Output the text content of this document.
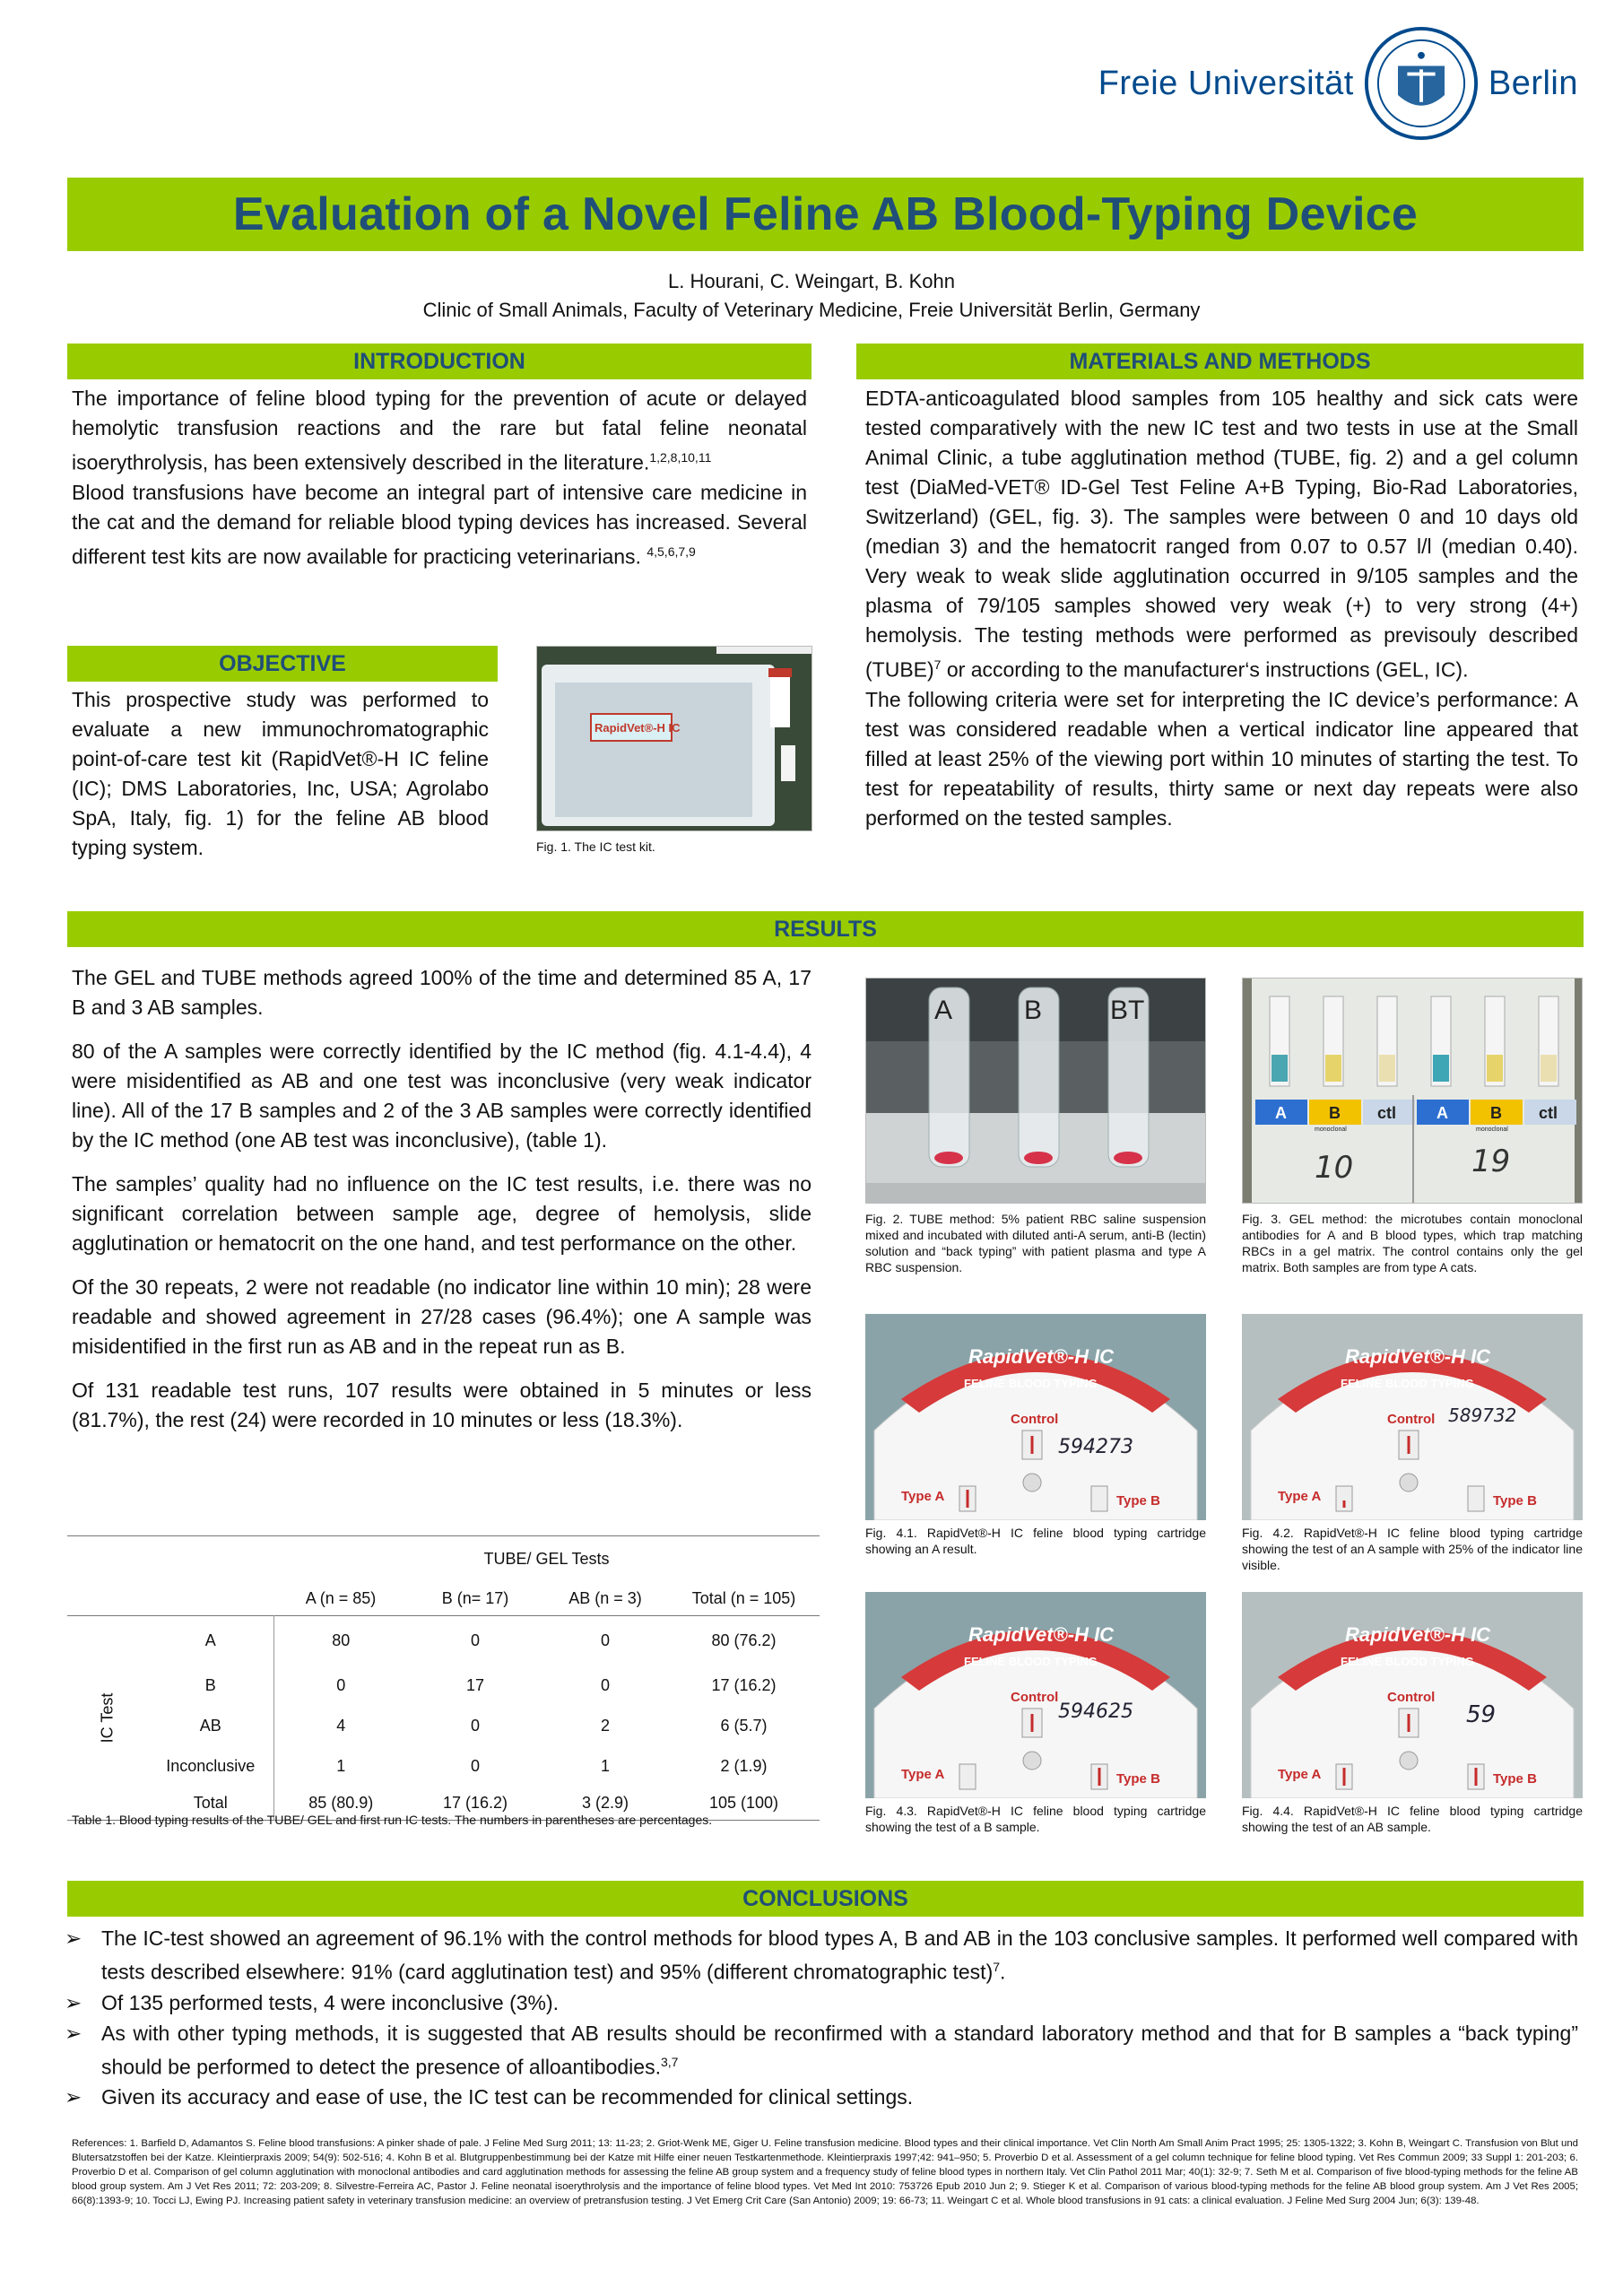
Freie Universität	Berlin
Evaluation of a Novel Feline AB Blood-Typing Device
L. Hourani, C. Weingart, B. Kohn
Clinic of Small Animals, Faculty of Veterinary Medicine, Freie Universität Berlin, Germany
INTRODUCTION

The importance of feline blood typing for the prevention of acute or delayed hemolytic transfusion reactions and the rare but fatal feline neonatal isoerythrolysis, has been extensively described in the literature.$^{1,2,8,10,11}$

Blood transfusions have become an integral part of intensive care medicine in the cat and the demand for reliable blood typing devices has increased. Several different test kits are now available for practicing veterinarians. $^{4,5,6,7,9}$

OBJECTIVE
This prospective study was performed to evaluate a new immunochromatographic point-of-care test kit (RapidVet®-H IC feline (IC); DMS Laboratories, Inc, USA; Agrolabo SpA, Italy, fig. 1) for the feline AB blood typing system.
RapidVet®-H IC
Fig. 1. The IC test kit.
MATERIALS AND METHODS

EDTA-anticoagulated blood samples from 105 healthy and sick cats were tested comparatively with the new IC test and two tests in use at the Small Animal Clinic, a tube agglutination method (TUBE, fig. 2) and a gel column test (DiaMed-VET® ID-Gel Test Feline A+B Typing, Bio-Rad Laboratories, Switzerland) (GEL, fig. 3). The samples were between 0 and 10 days old (median 3) and the hematocrit ranged from 0.07 to 0.57 l/l (median 0.40). Very weak to weak slide agglutination occurred in 9/105 samples and the plasma of 79/105 samples showed very weak (+) to very strong (4+) hemolysis. The testing methods were performed as previsouly described (TUBE)$^7$ or according to the manufacturer‘s instructions (GEL, IC).

The following criteria were set for interpreting the IC device’s performance: A test was considered readable when a vertical indicator line appeared that filled at least 25% of the viewing port within 10 minutes of starting the test. To test for repeatability of results, thirty same or next day repeats were also performed on the tested samples.

RESULTS

The GEL and TUBE methods agreed 100% of the time and determined 85 A, 17 B and 3 AB samples.

80 of the A samples were correctly identified by the IC method (fig. 4.1-4.4), 4 were misidentified as AB and one test was inconclusive (very weak indicator line). All of the 17 B samples and 2 of the 3 AB samples were correctly identified by the IC method (one AB test was inconclusive), (table 1).

The samples’ quality had no influence on the IC test results, i.e. there was no significant correlation between sample age, degree of hemolysis, slide agglutination or hematocrit on the one hand, and test performance on the other.

Of the 30 repeats, 2 were not readable (no indicator line within 10 min); 28 were readable and showed agreement in 27/28 cases (96.4%); one A sample was misidentified in the first run as AB and in the repeat run as B.

Of 131 readable test runs, 107 results were obtained in 5 minutes or less (81.7%), the rest (24) were recorded in 10 minutes or less (18.3%).

		TUBE/ GEL Tests			
		A (n = 85)	B (n= 17)	AB (n = 3)	Total (n = 105)

IC Test	A	80	0	0	80 (76.2)
	B	0	17	0	17 (16.2)
	AB	4	0	2	6 (5.7)
	Inconclusive	1	0	1	2 (1.9)
	Total	85 (80.9)	17 (16.2)	3 (2.9)	105 (100)
Table 1. Blood typing results of the TUBE/ GEL and first run IC tests. The numbers in parentheses are percentages.
A	B	BT
Fig. 2. TUBE method: 5% patient RBC saline suspension mixed and incubated with diluted anti-A serum, anti-B (lectin) solution and “back typing” with patient plasma and type A RBC suspension.
A	B ctl A	B ctl
monoclonal	monoclonal
10	19
Fig. 3. GEL method: the microtubes contain monoclonal antibodies for A and B blood types, which trap matching RBCs in a gel matrix. The control contains only the gel matrix. Both samples are from type A cats.
RapidVet®-H IC
FELINE BLOOD TYPING
Control
594273
Type A	Type B
Fig. 4.1. RapidVet®-H IC feline blood typing cartridge showing an A result.
RapidVet®-H IC
FELINE BLOOD TYPING
Control 589732
Type A	Type B
Fig. 4.2. RapidVet®-H IC feline blood typing cartridge showing the test of an A sample with 25% of the indicator line visible.
RapidVet®-H IC
FELINE BLOOD TYPING
Control
594625
Type A	Type B
Fig. 4.3. RapidVet®-H IC feline blood typing cartridge showing the test of a B sample.
RapidVet®-H IC
FELINE BLOOD TYPING
Control
59
Type A	Type B
Fig. 4.4. RapidVet®-H IC feline blood typing cartridge showing the test of an AB sample.
CONCLUSIONS
➢ The IC-test showed an agreement of 96.1% with the control methods for blood types A, B and AB in the 103 conclusive samples. It performed well compared with tests described elsewhere: 91% (card agglutination test) and 95% (different chromatographic test)$^7$.
➢ Of 135 performed tests, 4 were inconclusive (3%).
➢ As with other typing methods, it is suggested that AB results should be reconfirmed with a standard laboratory method and that for B samples a “back typing” should be performed to detect the presence of alloantibodies.$^{3,7}$
➢ Given its accuracy and ease of use, the IC test can be recommended for clinical settings.
References: 1. Barfield D, Adamantos S. Feline blood transfusions: A pinker shade of pale. J Feline Med Surg 2011; 13: 11-23; 2. Griot-Wenk ME, Giger U. Feline transfusion medicine. Blood types and their clinical importance. Vet Clin North Am Small Anim Pract 1995; 25: 1305-1322; 3. Kohn B, Weingart C. Transfusion von Blut und Blutersatzstoffen bei der Katze. Kleintierpraxis 2009; 54(9): 502-516; 4. Kohn B et al. Blutgruppenbestimmung bei der Katze mit Hilfe einer neuen Testkartenmethode. Kleintierpraxis 1997;42: 941–950; 5. Proverbio D et al. Assessment of a gel column technique for feline blood typing. Vet Res Commun 2009; 33 Suppl 1: 201-203; 6. Proverbio D et al. Comparison of gel column agglutination with monoclonal antibodies and card agglutination methods for assessing the feline AB group system and a frequency study of feline blood types in northern Italy. Vet Clin Pathol 2011 Mar; 40(1): 32-9; 7. Seth M et al. Comparison of five blood-typing methods for the feline AB blood group system. Am J Vet Res 2011; 72: 203-209; 8. Silvestre-Ferreira AC, Pastor J. Feline neonatal isoerythrolysis and the importance of feline blood types. Vet Med Int 2010: 753726 Epub 2010 Jun 2; 9. Stieger K et al. Comparison of various blood-typing methods for the feline AB blood group system. Am J Vet Res 2005; 66(8):1393-9; 10. Tocci LJ, Ewing PJ. Increasing patient safety in veterinary transfusion medicine: an overview of pretransfusion testing. J Vet Emerg Crit Care (San Antonio) 2009; 19: 66-73; 11. Weingart C et al. Whole blood transfusions in 91 cats: a clinical evaluation. J Feline Med Surg 2004 Jun; 6(3): 139-48.
